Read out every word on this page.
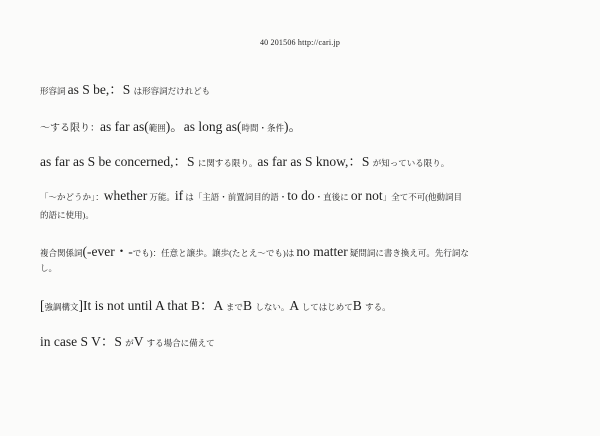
40 201506 http://cari.jp
形容詞 as S be,：S は形容詞だけれども
〜する限り：as far as(範囲)。as long as(時間・条件)。
as far as S be concerned,：S に関する限り。as far as S know,：S が知っている限り。
「〜かどうか」：whether 万能。if は「主語・前置詞目的語・to do・直後に or not」全て不可(他動詞目
的語に使用)。
複合関係詞(-ever・-でも)：任意と譲歩。譲歩(たとえ〜でも)は no matter 疑問詞に書き換え可。先行詞な
し。
[強調構文]It is not until A that B：A までB しない。A してはじめてB する。
in case S V：S がV する場合に備えて
